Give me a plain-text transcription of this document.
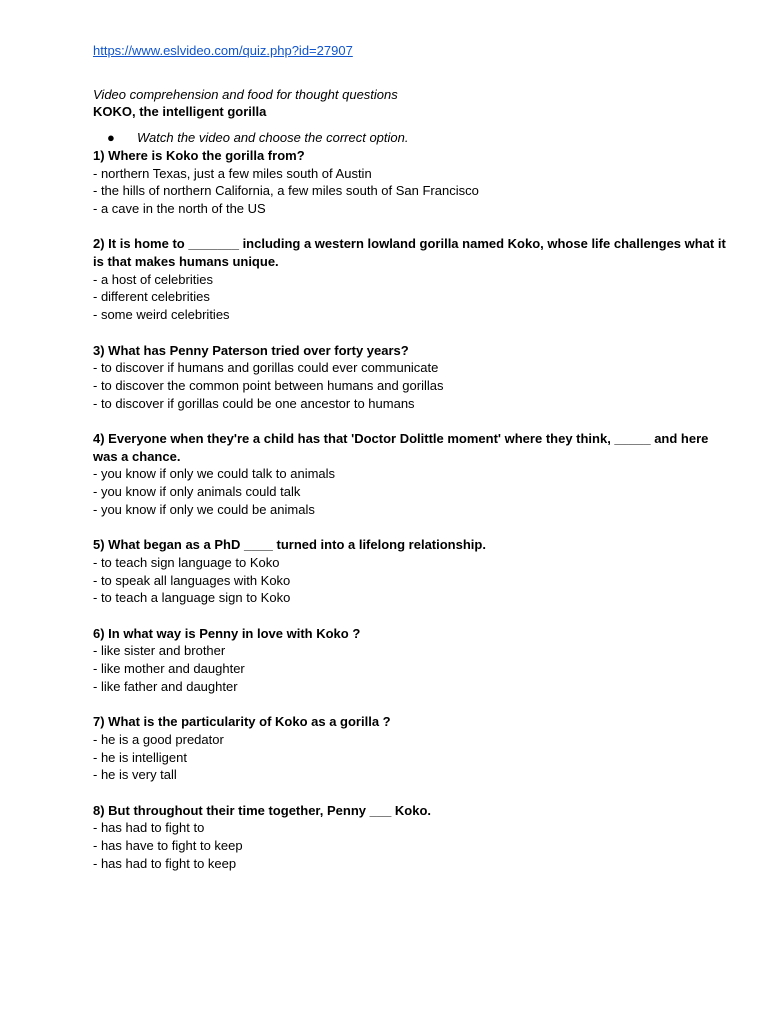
https://www.eslvideo.com/quiz.php?id=27907
Video comprehension and food for thought questions
KOKO, the intelligent gorilla
●	Watch the video and choose the correct option.
1) Where is Koko the gorilla from?
- northern Texas, just a few miles south of Austin
- the hills of northern California, a few miles south of San Francisco
- a cave in the north of the US
2) It is home to _______ including a western lowland gorilla named Koko, whose life challenges what it is that makes humans unique.
- a host of celebrities
- different celebrities
- some weird celebrities
3) What has Penny Paterson tried over forty years?
- to discover if humans and gorillas could ever communicate
- to discover the common point between humans and gorillas
- to discover if gorillas could be one ancestor to humans
4) Everyone when they're a child has that 'Doctor Dolittle moment' where they think, _____ and here was a chance.
- you know if only we could talk to animals
- you know if only animals could talk
- you know if only we could be animals
5) What began as a PhD ____ turned into a lifelong relationship.
- to teach sign language to Koko
- to speak all languages with Koko
- to teach a language sign to Koko
6) In what way is Penny in love with Koko ?
- like sister and brother
- like mother and daughter
- like father and daughter
7) What is the particularity of Koko as a gorilla ?
- he is a good predator
- he is intelligent
- he is very tall
8) But throughout their time together, Penny ___ Koko.
- has had to fight to
- has have to fight to keep
- has had to fight to keep
